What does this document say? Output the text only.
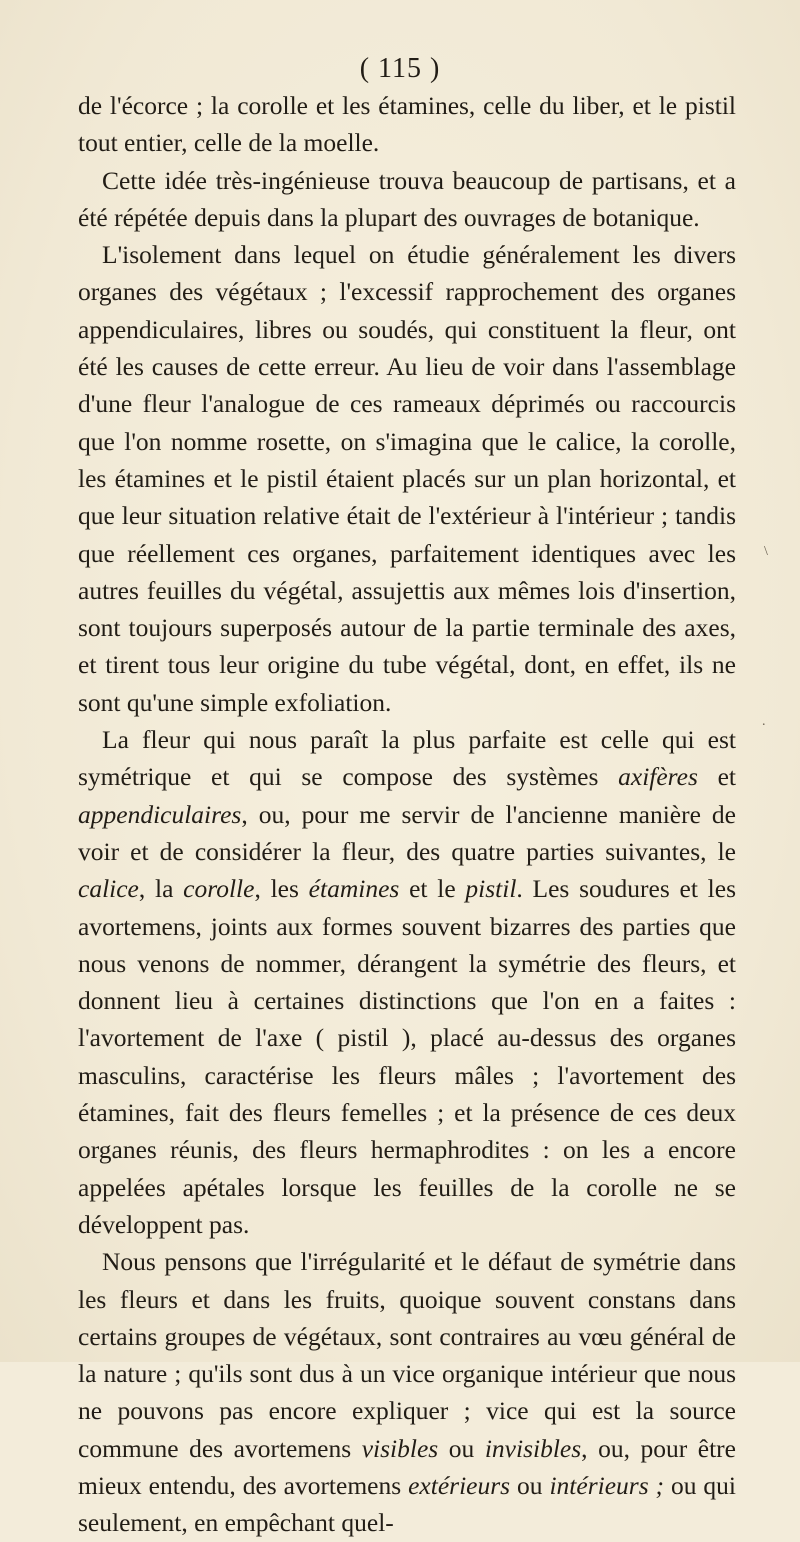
( 115 )

de l'écorce ; la corolle et les étamines, celle du liber, et le pistil tout entier, celle de la moelle.

Cette idée très-ingénieuse trouva beaucoup de partisans, et a été répétée depuis dans la plupart des ouvrages de botanique.

L'isolement dans lequel on étudie généralement les divers organes des végétaux ; l'excessif rapprochement des organes appendiculaires, libres ou soudés, qui constituent la fleur, ont été les causes de cette erreur. Au lieu de voir dans l'assemblage d'une fleur l'analogue de ces rameaux déprimés ou raccourcis que l'on nomme rosette, on s'imagina que le calice, la corolle, les étamines et le pistil étaient placés sur un plan horizontal, et que leur situation relative était de l'extérieur à l'intérieur ; tandis que réellement ces organes, parfaitement identiques avec les autres feuilles du végétal, assujettis aux mêmes lois d'insertion, sont toujours superposés autour de la partie terminale des axes, et tirent tous leur origine du tube végétal, dont, en effet, ils ne sont qu'une simple exfoliation.

La fleur qui nous paraît la plus parfaite est celle qui est symétrique et qui se compose des systèmes axifères et appendiculaires, ou, pour me servir de l'ancienne manière de voir et de considérer la fleur, des quatre parties suivantes, le calice, la corolle, les étamines et le pistil. Les soudures et les avortemens, joints aux formes souvent bizarres des parties que nous venons de nommer, dérangent la symétrie des fleurs, et donnent lieu à certaines distinctions que l'on en a faites : l'avortement de l'axe ( pistil ), placé au-dessus des organes masculins, caractérise les fleurs mâles ; l'avortement des étamines, fait des fleurs femelles ; et la présence de ces deux organes réunis, des fleurs hermaphrodites : on les a encore appelées apétales lorsque les feuilles de la corolle ne se développent pas.

Nous pensons que l'irrégularité et le défaut de symétrie dans les fleurs et dans les fruits, quoique souvent constans dans certains groupes de végétaux, sont contraires au vœu général de la nature ; qu'ils sont dus à un vice organique intérieur que nous ne pouvons pas encore expliquer ; vice qui est la source commune des avortemens visibles ou invisibles, ou, pour être mieux entendu, des avortemens extérieurs ou intérieurs ; ou qui seulement, en empêchant quel-

\
.
